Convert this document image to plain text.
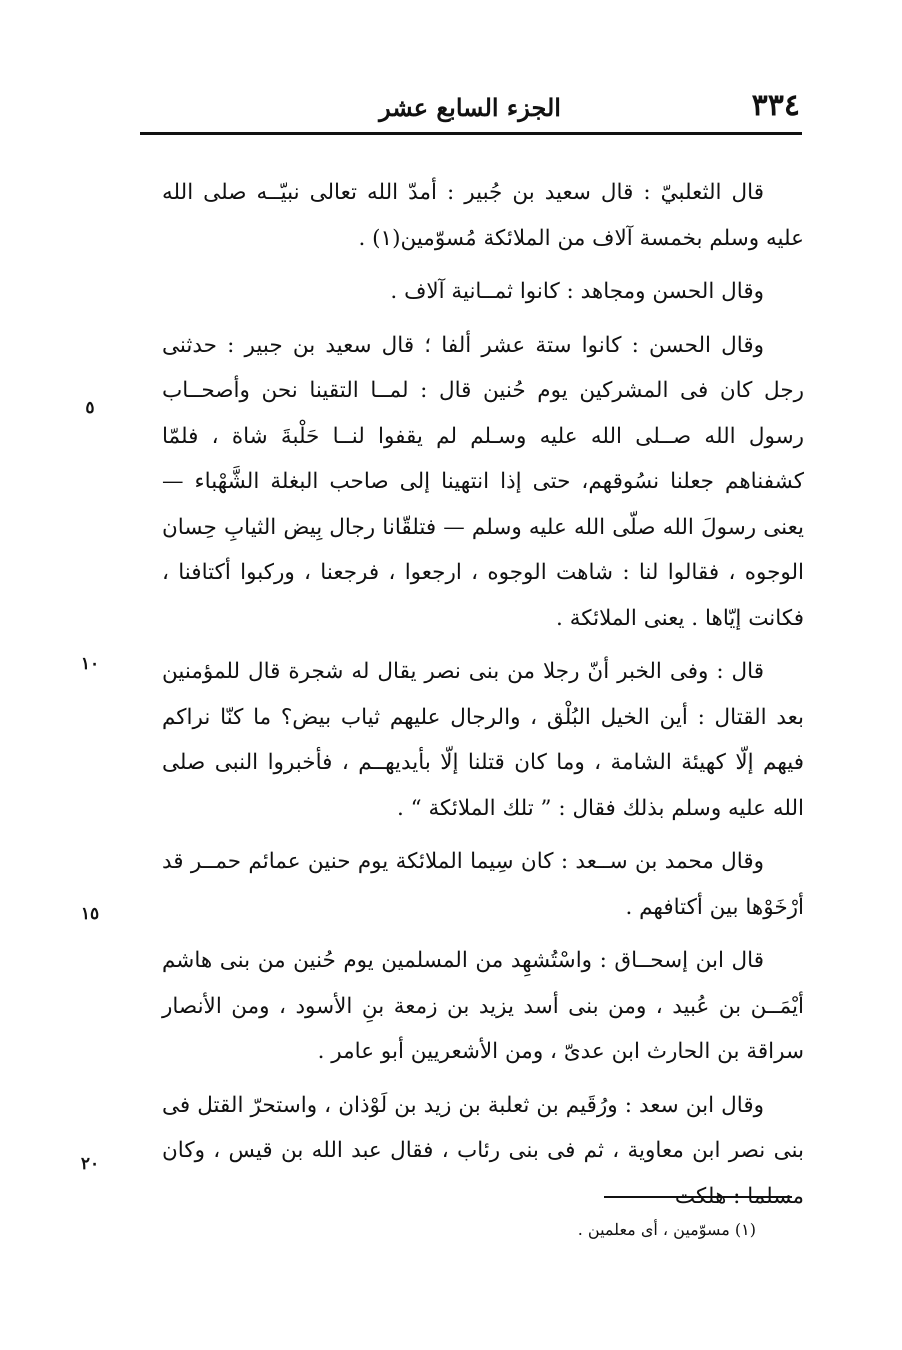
٣٣٤
الجزء السابع عشر

قال الثعلبيّ : قال سعيد بن جُبير : أمدّ الله تعالى نبيّــه صلى الله عليه وسلم بخمسة آلاف من الملائكة مُسوّمين(١) .

وقال الحسن ومجاهد : كانوا ثمــانية آلاف .

وقال الحسن : كانوا ستة عشر ألفا ؛ قال سعيد بن جبير : حدثنى رجل كان فى المشركين يوم حُنين قال : لمــا التقينا نحن وأصحــاب رسول الله صــلى الله عليه وسـلم لم يقفوا لنــا حَلْبةَ شاة ، فلمّا كشفناهم جعلنا نسُوقهم، حتى إذا انتهينا إلى صاحب البغلة الشَّهْباء — يعنى رسولَ الله صلّى الله عليه وسلم — فتلقّانا رجال بِيض الثيابِ حِسان الوجوه ، فقالوا لنا : شاهت الوجوه ، ارجعوا ، فرجعنا ، وركبوا أكتافنا ، فكانت إيّاها . يعنى الملائكة .

قال : وفى الخبر أنّ رجلا من بنى نصر يقال له شجرة قال للمؤمنين بعد القتال : أين الخيل البُلْق ، والرجال عليهم ثياب بيض؟ ما كنّا نراكم فيهم إلّا كهيئة الشامة ، وما كان قتلنا إلّا بأيديهــم ، فأخبروا النبى صلى الله عليه وسلم بذلك فقال : ” تلك الملائكة “ .

وقال محمد بن ســعد : كان سِيما الملائكة يوم حنين عمائم حمــر قد أرْخَوْها بين أكتافهم .

قال ابن إسحــاق : واسْتُشهِد من المسلمين يوم حُنين من بنى هاشم أيْمَــن بن عُبيد ، ومن بنى أسد يزيد بن زمعة بنِ الأسود ، ومن الأنصار سراقة بن الحارث ابن عدىّ ، ومن الأشعريين أبو عامر .

وقال ابن سعد : ورُقَيم بن ثعلبة بن زيد بن لَوْذان ، واستحرّ القتل فى بنى نصر ابن معاوية ، ثم فى بنى رئاب ، فقال عبد الله بن قيس ، وكان مسلما : هلكت

٥
١٠
١٥
٢٠
(١) مسوّمين ، أى معلمين .
